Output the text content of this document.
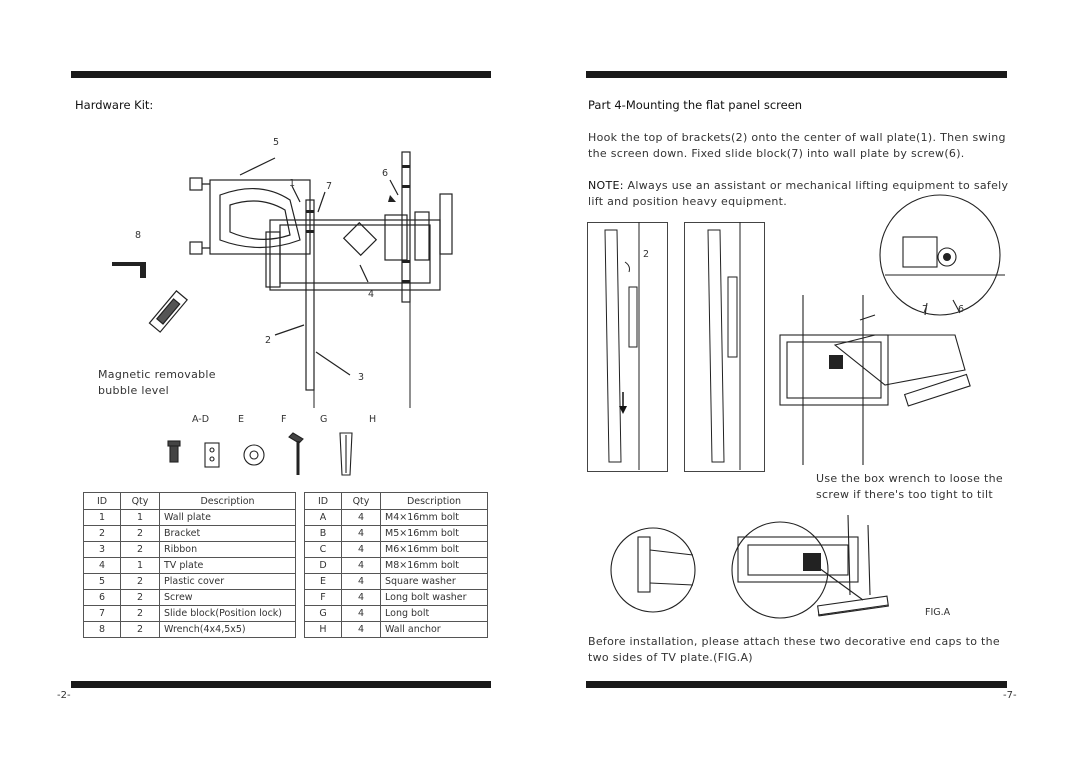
Hardware Kit:
5
1	7
6
4
2
3
8
Magnetic removable
bubble level
A-D	E	F	G	H
ID	Qty	Description
1	1	Wall plate
2	2	Bracket
3	2	Ribbon
4	1	TV plate
5	2	Plastic cover
6	2	Screw
7	2	Slide block(Position lock)
8	2	Wrench(4x4,5x5)
ID	Qty	Description
A	4	M4×16mm bolt
B	4	M5×16mm bolt
C	4	M6×16mm bolt
D	4	M8×16mm bolt
E	4	Square washer
F	4	Long bolt washer
G	4	Long bolt
H	4	Wall anchor
-2-
Part 4-Mounting the flat panel screen
Hook the top of brackets(2) onto the center of wall plate(1). Then swing the screen down. Fixed slide block(7) into wall plate by screw(6).
NOTE: Always use an assistant or mechanical lifting equipment to safely lift and position heavy equipment.
2
7	6
Use the box wrench to loose the
screw if there's too tight to tilt
FIG.A
Before installation, please attach these two decorative end caps to the two sides of TV plate.(FIG.A)
-7-
